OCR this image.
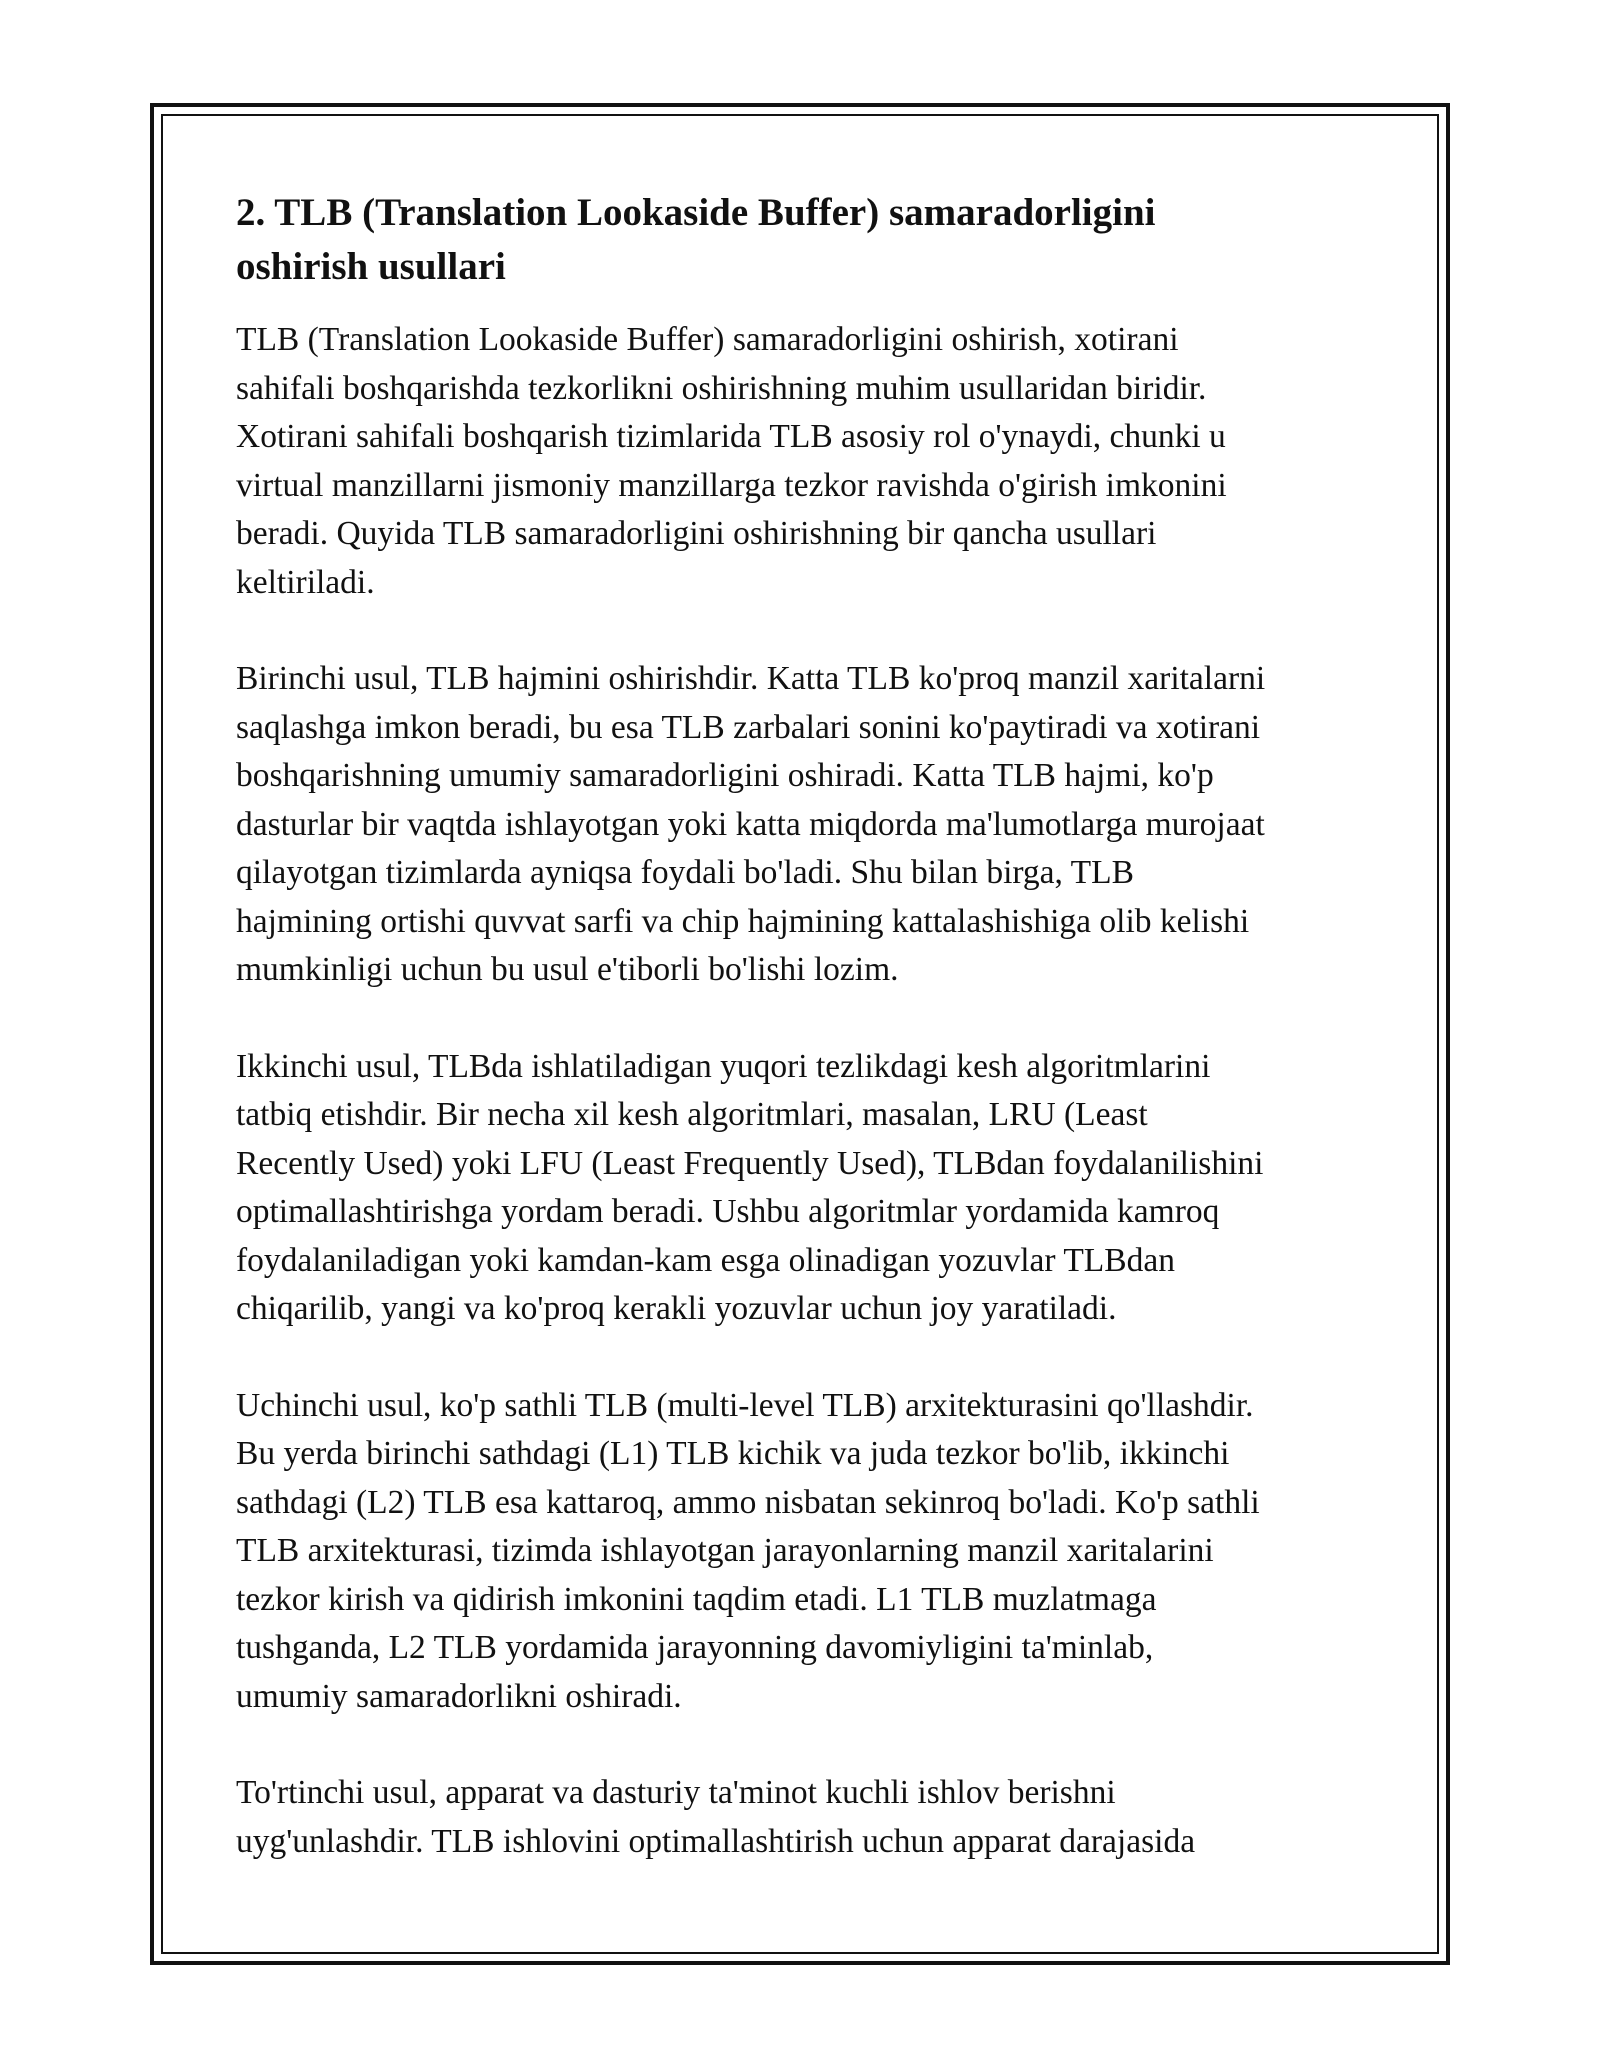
2. TLB (Translation Lookaside Buffer) samaradorligini
oshirish usullari

TLB (Translation Lookaside Buffer) samaradorligini oshirish, xotirani
sahifali boshqarishda tezkorlikni oshirishning muhim usullaridan biridir.
Xotirani sahifali boshqarish tizimlarida TLB asosiy rol o'ynaydi, chunki u
virtual manzillarni jismoniy manzillarga tezkor ravishda o'girish imkonini
beradi. Quyida TLB samaradorligini oshirishning bir qancha usullari
keltiriladi.

Birinchi usul, TLB hajmini oshirishdir. Katta TLB ko'proq manzil xaritalarni
saqlashga imkon beradi, bu esa TLB zarbalari sonini ko'paytiradi va xotirani
boshqarishning umumiy samaradorligini oshiradi. Katta TLB hajmi, ko'p
dasturlar bir vaqtda ishlayotgan yoki katta miqdorda ma'lumotlarga murojaat
qilayotgan tizimlarda ayniqsa foydali bo'ladi. Shu bilan birga, TLB
hajmining ortishi quvvat sarfi va chip hajmining kattalashishiga olib kelishi
mumkinligi uchun bu usul e'tiborli bo'lishi lozim.

Ikkinchi usul, TLBda ishlatiladigan yuqori tezlikdagi kesh algoritmlarini
tatbiq etishdir. Bir necha xil kesh algoritmlari, masalan, LRU (Least
Recently Used) yoki LFU (Least Frequently Used), TLBdan foydalanilishini
optimallashtirishga yordam beradi. Ushbu algoritmlar yordamida kamroq
foydalaniladigan yoki kamdan-kam esga olinadigan yozuvlar TLBdan
chiqarilib, yangi va ko'proq kerakli yozuvlar uchun joy yaratiladi.

Uchinchi usul, ko'p sathli TLB (multi-level TLB) arxitekturasini qo'llashdir.
Bu yerda birinchi sathdagi (L1) TLB kichik va juda tezkor bo'lib, ikkinchi
sathdagi (L2) TLB esa kattaroq, ammo nisbatan sekinroq bo'ladi. Ko'p sathli
TLB arxitekturasi, tizimda ishlayotgan jarayonlarning manzil xaritalarini
tezkor kirish va qidirish imkonini taqdim etadi. L1 TLB muzlatmaga
tushganda, L2 TLB yordamida jarayonning davomiyligini ta'minlab,
umumiy samaradorlikni oshiradi.

To'rtinchi usul, apparat va dasturiy ta'minot kuchli ishlov berishni
uyg'unlashdir. TLB ishlovini optimallashtirish uchun apparat darajasida
